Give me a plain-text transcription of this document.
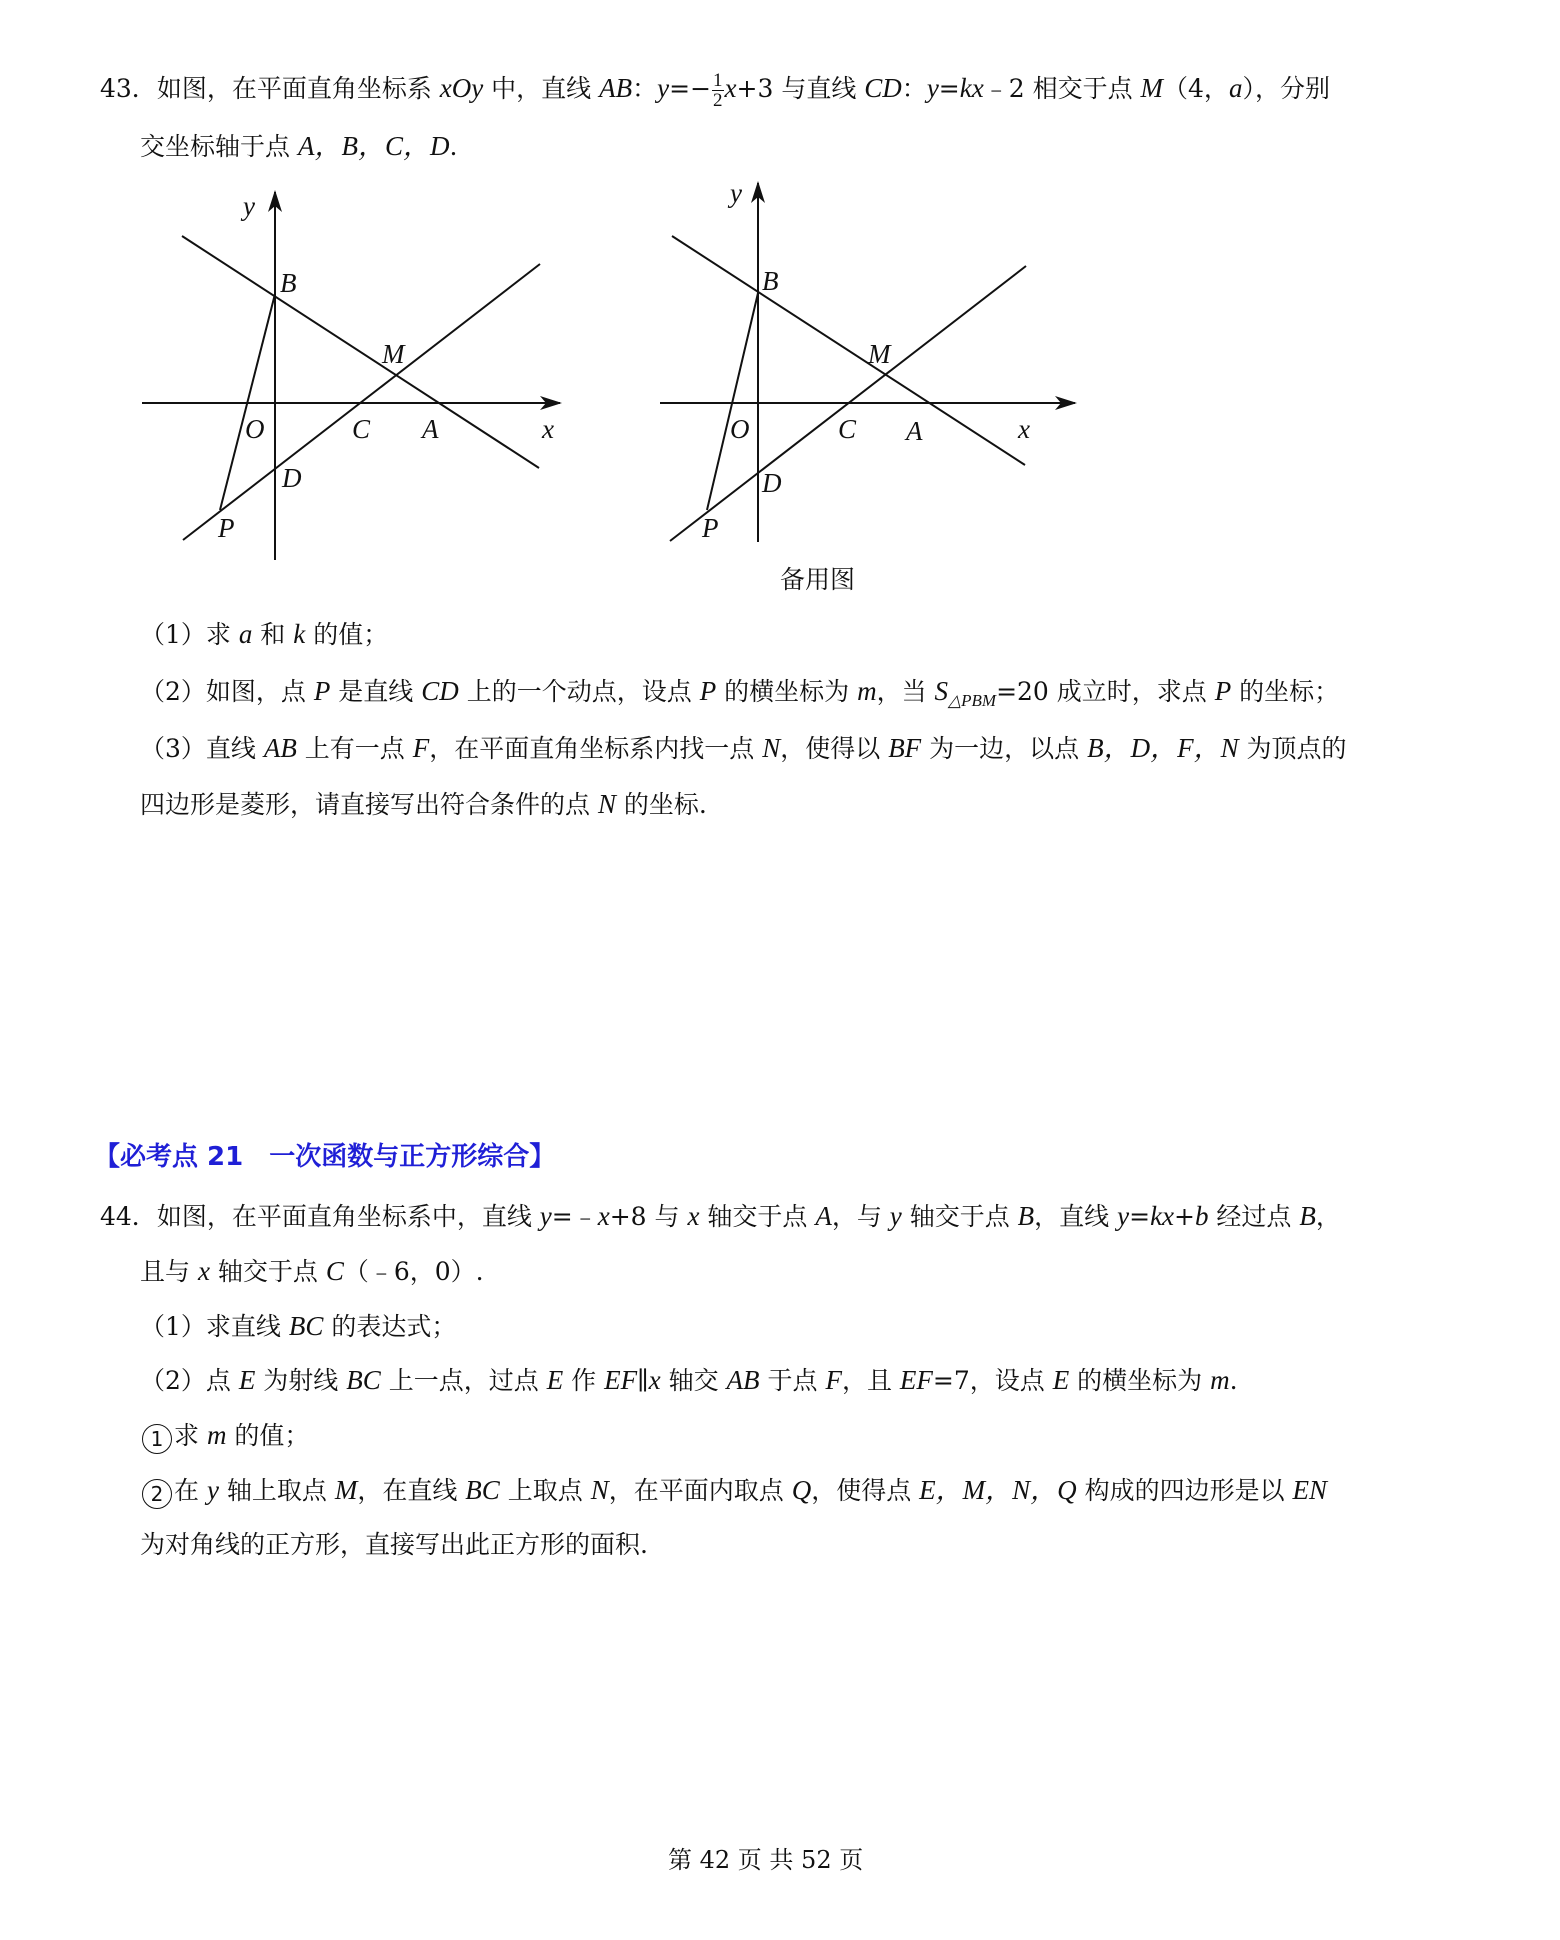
43．如图，在平面直角坐标系 xOy 中，直线 AB：$y=- \frac{1}{2} x+3$ 与直线 CD：y=kx﹣2 相交于点 M（4，a），分别
交坐标轴于点 A，B，C，D.
y
B
M
O	C A	x
D
P
y
B
M
O	C A	x
D
P
备用图
（1）求 a 和 k 的值；
（2）如图，点 P 是直线 CD 上的一个动点，设点 P 的横坐标为 m，当 $S_{\triangle PBM}=20$ 成立时，求点 P 的坐标；
（3）直线 AB 上有一点 F，在平面直角坐标系内找一点 N，使得以 BF 为一边，以点 B，D，F，N 为顶点的
四边形是菱形，请直接写出符合条件的点 N 的坐标.
【必考点 21　一次函数与正方形综合】
44．如图，在平面直角坐标系中，直线 y=﹣x+8 与 x 轴交于点 A，与 y 轴交于点 B，直线 y=kx+b 经过点 B，
且与 x 轴交于点 C（﹣6，0）.
（1）求直线 BC 的表达式；
（2）点 E 为射线 BC 上一点，过点 E 作 EF∥x 轴交 AB 于点 F，且 EF=7，设点 E 的横坐标为 m.
1 求 m 的值；
2 在 y 轴上取点 M，在直线 BC 上取点 N，在平面内取点 Q，使得点 E，M，N，Q 构成的四边形是以 EN
为对角线的正方形，直接写出此正方形的面积.
第 42 页 共 52 页
